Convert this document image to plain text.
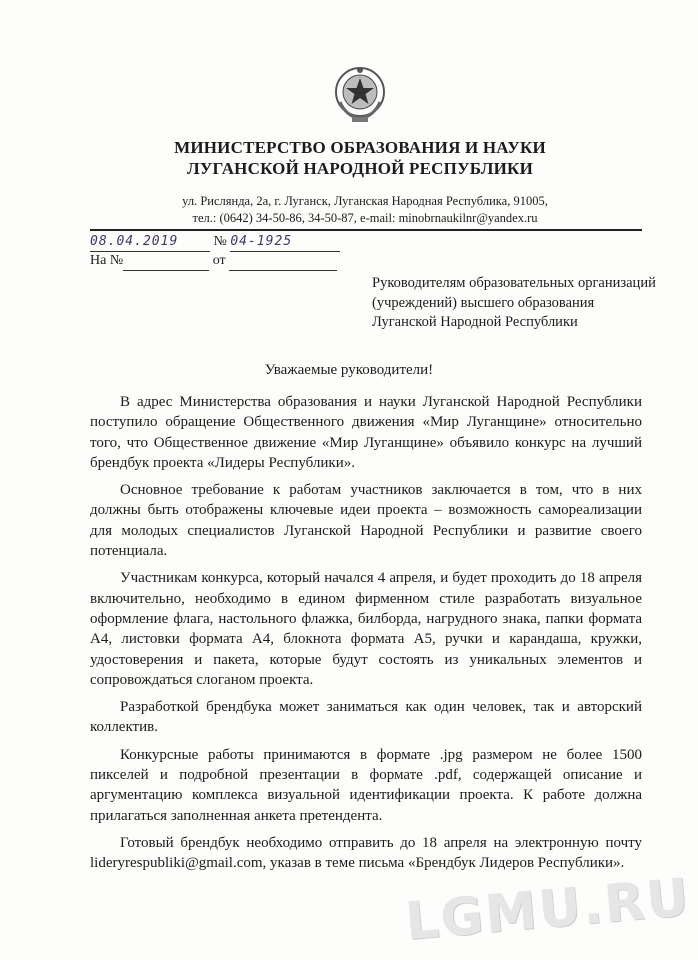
МИНИСТЕРСТВО ОБРАЗОВАНИЯ И НАУКИ
ЛУГАНСКОЙ НАРОДНОЙ РЕСПУБЛИКИ
ул. Рисляндa, 2а, г. Луганск, Луганская Народная Республика, 91005,
тел.: (0642) 34-50-86, 34-50-87, e-mail: minobrnaukilnr@yandex.ru
08.04.2019	№ 04-1925
На №	от
Руководителям образовательных организаций (учреждений) высшего образования Луганской Народной Республики
Уважаемые руководители!

В адрес Министерства образования и науки Луганской Народной Республики поступило обращение Общественного движения «Мир Луганщине» относительно того, что Общественное движение «Мир Луганщине» объявило конкурс на лучший брендбук проекта «Лидеры Республики».

Основное требование к работам участников заключается в том, что в них должны быть отображены ключевые идеи проекта – возможность самореализации для молодых специалистов Луганской Народной Республики и развитие своего потенциала.

Участникам конкурса, который начался 4 апреля, и будет проходить до 18 апреля включительно, необходимо в едином фирменном стиле разработать визуальное оформление флага, настольного флажка, билборда, нагрудного знака, папки формата А4, листовки формата А4, блокнота формата А5, ручки и карандаша, кружки, удостоверения и пакета, которые будут состоять из уникальных элементов и сопровождаться слоганом проекта.

Разработкой брендбука может заниматься как один человек, так и авторский коллектив.

Конкурсные работы принимаются в формате .jpg размером не более 1500 пикселей и подробной презентации в формате .pdf, содержащей описание и аргументацию комплекса визуальной идентификации проекта. К работе должна прилагаться заполненная анкета претендента.

Готовый брендбук необходимо отправить до 18 апреля на электронную почту liderуrespubliki@gmail.com, указав в теме письма «Брендбук Лидеров Республики».

LGMU.RU
